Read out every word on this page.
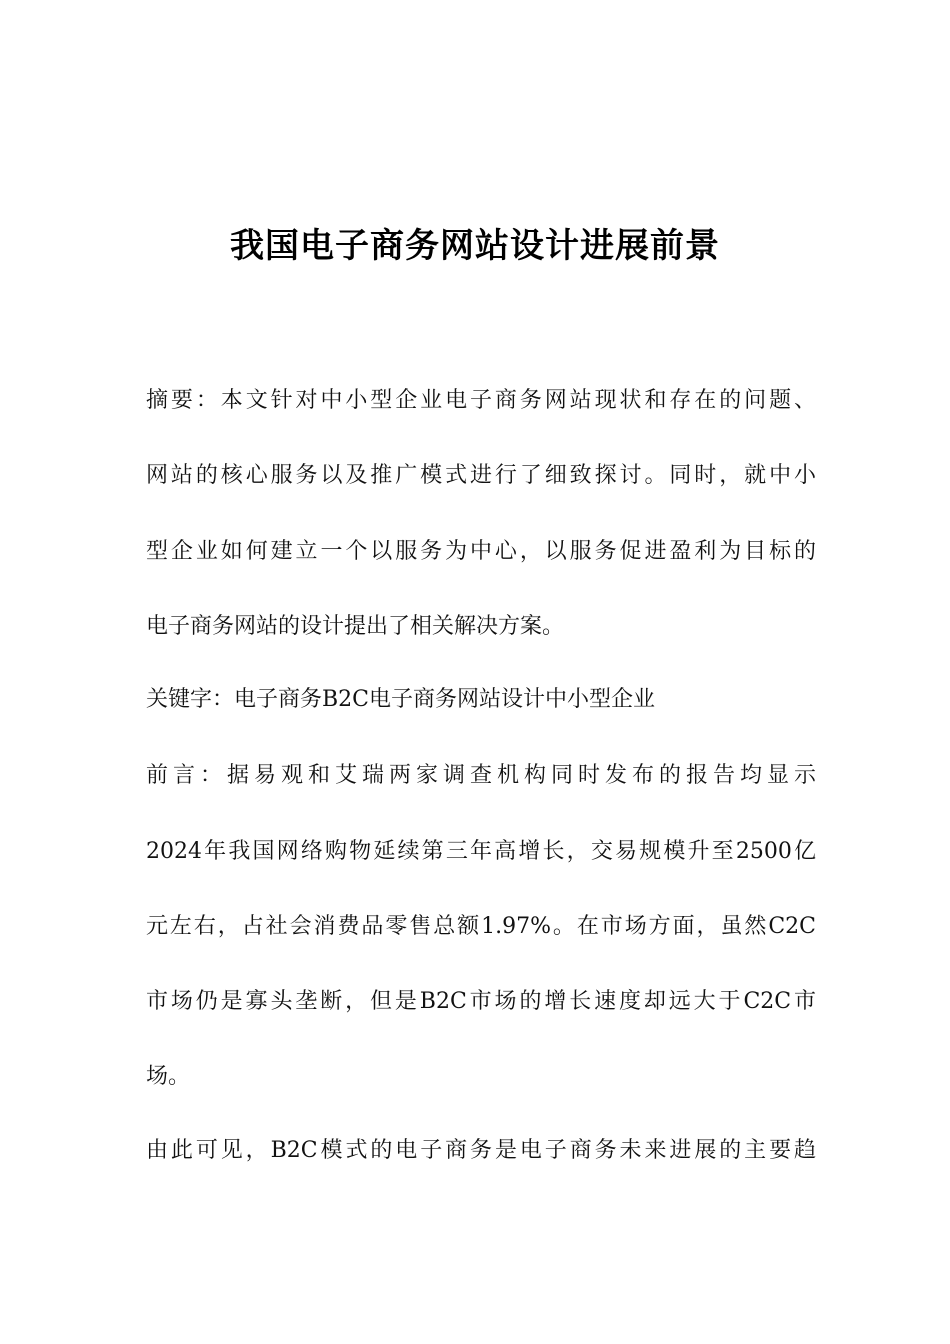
我国电子商务网站设计进展前景

摘要：本文针对中小型企业电子商务网站现状和存在的问题、

网站的核心服务以及推广模式进行了细致探讨。同时，就中小

型企业如何建立一个以服务为中心，以服务促进盈利为目标的

电子商务网站的设计提出了相关解决方案。

关键字：电子商务B2C电子商务网站设计中小型企业

前言：据易观和艾瑞两家调查机构同时发布的报告均显示

2024年我国网络购物延续第三年高增长，交易规模升至2500亿

元左右，占社会消费品零售总额1.97%。在市场方面，虽然C2C

市场仍是寡头垄断，但是B2C市场的增长速度却远大于C2C市

场。

由此可见，B2C模式的电子商务是电子商务未来进展的主要趋
